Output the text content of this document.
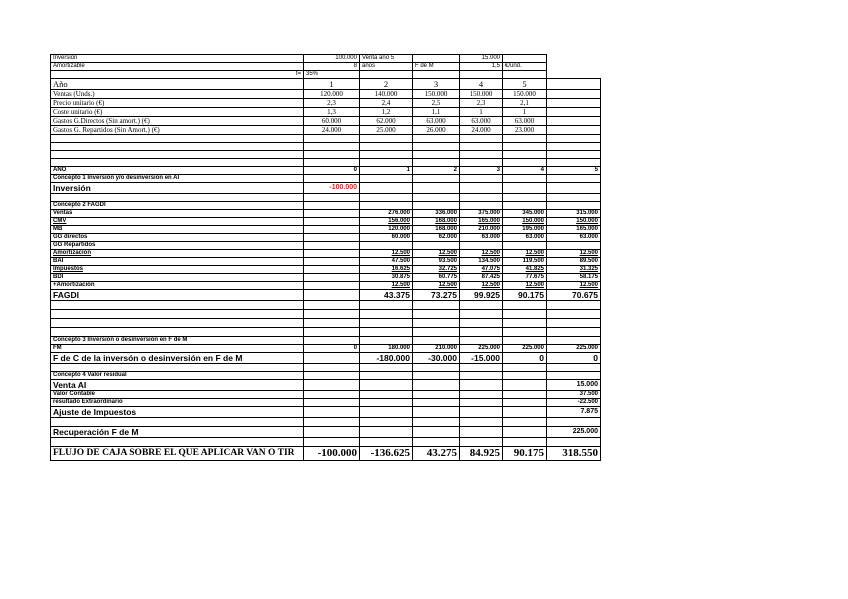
Inversión	100.000	Venta año 5		15.000		
Amortizable	8	años	F de M	1,5	€/und.	
t=	35%					
Año	1	2	3	4	5	
Ventas (Unds.)	120.000	140.000	150.000	150.000	150.000	
Precio unitario (€)	2,3	2,4	2,5	2,3	2,1	
Coste unitario (€)	1,3	1,2	1,1	1	1	
Gastos G.Directos (Sin amort.) (€)	60.000	62.000	63.000	63.000	63.000	
Gastos G. Repartidos (Sin Amort.) (€)	24.000	25.000	26.000	24.000	23.000	

AÑO	0	1	2	3	4	5
Concepto 1 Inversión y/o desinversión en AI						
Inversión	-100.000					

Concepto 2 FAGDI						
Ventas		276.000	336.000	375.000	345.000	315.000
CMV		156.000	168.000	165.000	150.000	150.000
MB		120.000	168.000	210.000	195.000	165.000
GG directos		60.000	62.000	63.000	63.000	63.000
GG Repartidos						
Amortización		12.500	12.500	12.500	12.500	12.500
BAI		47.500	93.500	134.500	119.500	89.500
Impuestos		16.625	32.725	47.075	41.825	31.325
BDI		30.875	60.775	87.425	77.675	58.175
+Amortización		12.500	12.500	12.500	12.500	12.500
FAGDI		43.375	73.275	99.925	90.175	70.675

Concepto 3 Inversión o desinversión en F de M						
FM	0	180.000	210.000	225.000	225.000	225.000
F de C de la inversón o desinversión en F de M		-180.000	-30.000	-15.000	0	0

Concepto 4 Valor residual						
Venta AI						15.000
Valor Contable						37.500
resultado Extraordinario						-22.500
Ajuste de Impuestos						7.875

Recuperación F de M						225.000

FLUJO DE CAJA SOBRE EL QUE APLICAR VAN O TIR	-100.000	-136.625	43.275	84.925	90.175	318.550
